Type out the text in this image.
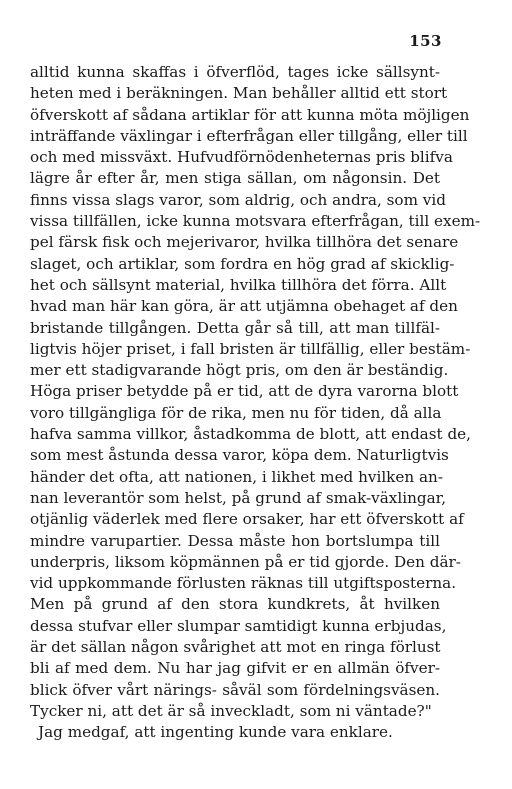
153
alltid kunna skaffas i öfverflöd, tages icke sällsynt-
heten med i beräkningen. Man behåller alltid ett stort
öfverskott af sådana artiklar för att kunna möta möjligen
inträffande växlingar i efterfrågan eller tillgång, eller till
och med missväxt. Hufvudförnödenheternas pris blifva
lägre år efter år, men stiga sällan, om någonsin. Det
finns vissa slags varor, som aldrig, och andra, som vid
vissa tillfällen, icke kunna motsvara efterfrågan, till exem-
pel färsk fisk och mejerivaror, hvilka tillhöra det senare
slaget, och artiklar, som fordra en hög grad af skicklig-
het och sällsynt material, hvilka tillhöra det förra. Allt
hvad man här kan göra, är att utjämna obehaget af den
bristande tillgången. Detta går så till, att man tillfäl-
ligtvis höjer priset, i fall bristen är tillfällig, eller bestäm-
mer ett stadigvarande högt pris, om den är beständig.
Höga priser betydde på er tid, att de dyra varorna blott
voro tillgängliga för de rika, men nu för tiden, då alla
hafva samma villkor, åstadkomma de blott, att endast de,
som mest åstunda dessa varor, köpa dem. Naturligtvis
händer det ofta, att nationen, i likhet med hvilken an-
nan leverantör som helst, på grund af smak-växlingar,
otjänlig väderlek med flere orsaker, har ett öfverskott af
mindre varupartier. Dessa måste hon bortslumpa till
underpris, liksom köpmännen på er tid gjorde. Den där-
vid uppkommande förlusten räknas till utgiftsposterna.
Men på grund af den stora kundkrets, åt hvilken
dessa stufvar eller slumpar samtidigt kunna erbjudas,
är det sällan någon svårighet att mot en ringa förlust
bli af med dem. Nu har jag gifvit er en allmän öfver-
blick öfver vårt närings- såväl som fördelningsväsen.
Tycker ni, att det är så inveckladt, som ni väntade?"
Jag medgaf, att ingenting kunde vara enklare.
